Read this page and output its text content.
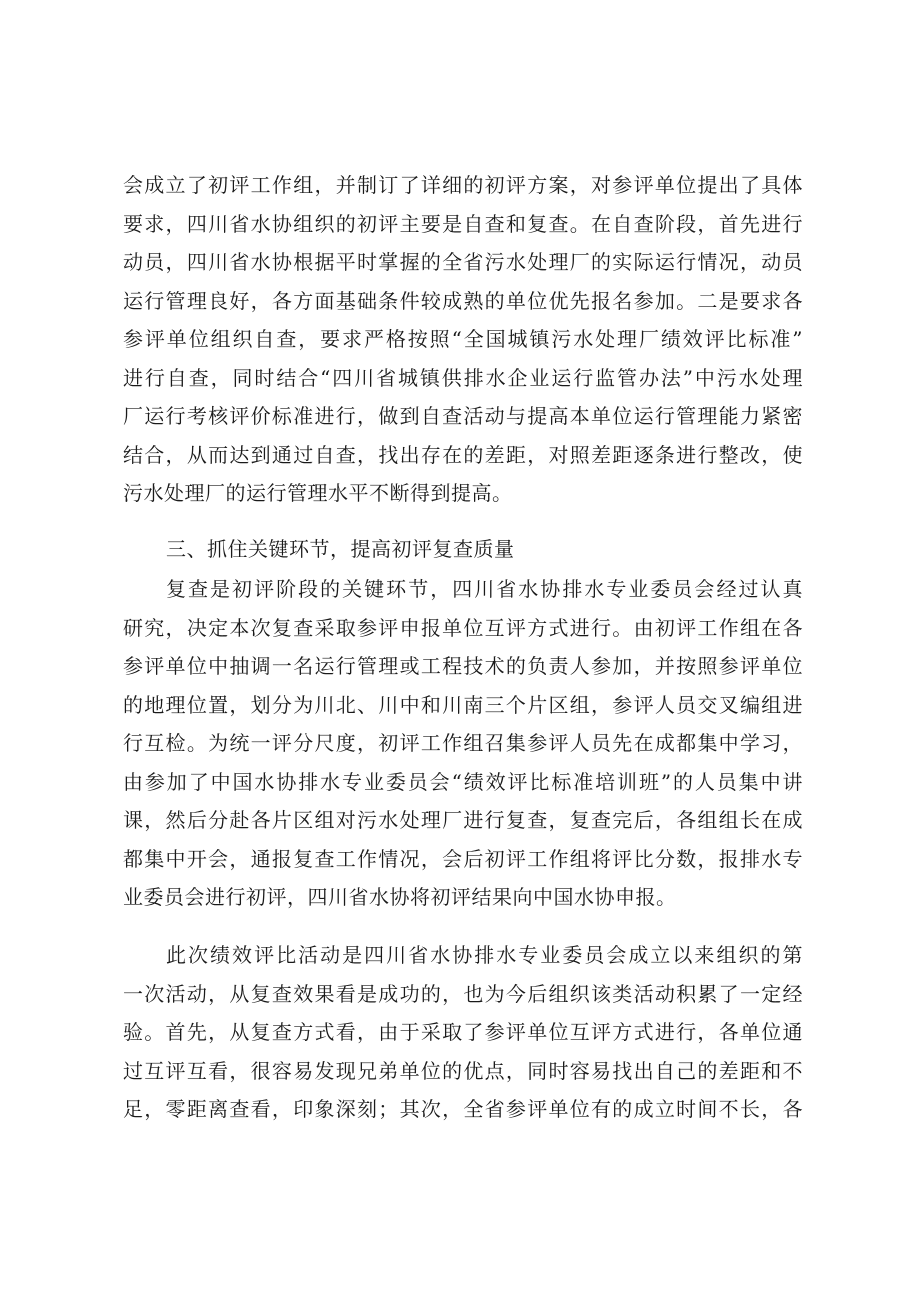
会成立了初评工作组，并制订了详细的初评方案，对参评单位提出了具体
要求，四川省水协组织的初评主要是自查和复查。在自查阶段，首先进行
动员，四川省水协根据平时掌握的全省污水处理厂的实际运行情况，动员
运行管理良好，各方面基础条件较成熟的单位优先报名参加。二是要求各
参评单位组织自查，要求严格按照“全国城镇污水处理厂绩效评比标准”
进行自查，同时结合“四川省城镇供排水企业运行监管办法”中污水处理
厂运行考核评价标准进行，做到自查活动与提高本单位运行管理能力紧密
结合，从而达到通过自查，找出存在的差距，对照差距逐条进行整改，使
污水处理厂的运行管理水平不断得到提高。
三、抓住关键环节，提高初评复查质量
复查是初评阶段的关键环节，四川省水协排水专业委员会经过认真
研究，决定本次复查采取参评申报单位互评方式进行。由初评工作组在各
参评单位中抽调一名运行管理或工程技术的负责人参加，并按照参评单位
的地理位置，划分为川北、川中和川南三个片区组，参评人员交叉编组进
行互检。为统一评分尺度，初评工作组召集参评人员先在成都集中学习，
由参加了中国水协排水专业委员会“绩效评比标准培训班”的人员集中讲
课，然后分赴各片区组对污水处理厂进行复查，复查完后，各组组长在成
都集中开会，通报复查工作情况，会后初评工作组将评比分数，报排水专
业委员会进行初评，四川省水协将初评结果向中国水协申报。
此次绩效评比活动是四川省水协排水专业委员会成立以来组织的第
一次活动，从复查效果看是成功的，也为今后组织该类活动积累了一定经
验。首先，从复查方式看，由于采取了参评单位互评方式进行，各单位通
过互评互看，很容易发现兄弟单位的优点，同时容易找出自己的差距和不
足，零距离查看，印象深刻；其次，全省参评单位有的成立时间不长，各
